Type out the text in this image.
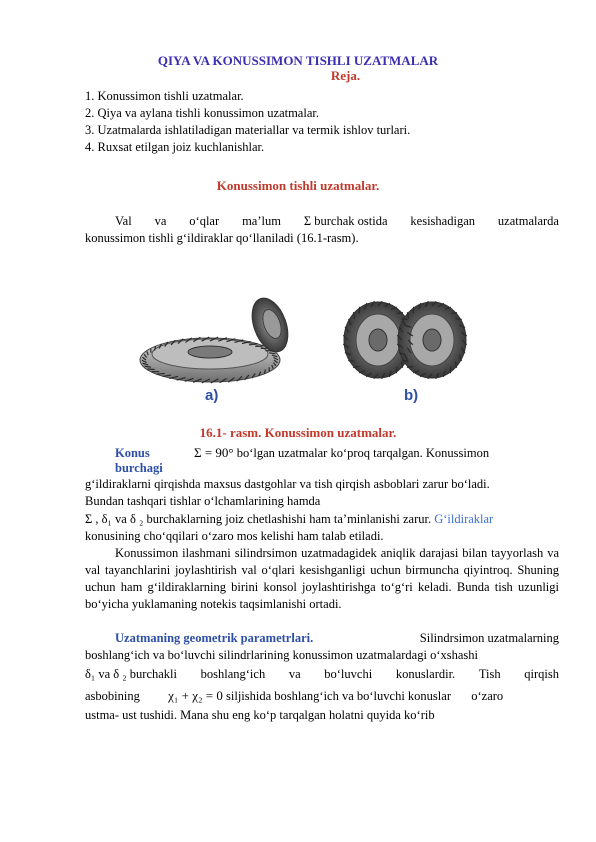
QIYA VA KONUSSIMON TISHLI UZATMALAR
Reja.
1. Konussimon tishli uzatmalar.
2. Qiya va aylana tishli konussimon uzatmalar.
3. Uzatmalarda ishlatiladigan materiallar va termik ishlov turlari.
4. Ruxsat etilgan joiz kuchlanishlar.
Konussimon tishli uzatmalar.
Val va o‘qlar ma’lum Σ burchak ostida kesishadigan uzatmalarda
konussimon tishli g‘ildiraklar qo‘llaniladi (16.1-rasm).
a)	b)
16.1- rasm. Konussimon uzatmalar.
Konus	Σ = 90° bo‘lgan uzatmalar ko‘proq tarqalgan. Konussimon
burchagi
g‘ildiraklarni qirqishda maxsus dastgohlar va tish qirqish asboblari zarur bo‘ladi.
Bundan tashqari tishlar o‘lchamlarining hamda
Σ , δ₁ va δ ₂ burchaklarning joiz chetlashishi ham ta’minlanishi zarur. G‘ildiraklar
konusining cho‘qqilari o‘zaro mos kelishi ham talab etiladi.
Konussimon ilashmani silindrsimon uzatmadagidek aniqlik darajasi bilan tayyorlash va val tayanchlarini joylashtirish val o‘qlari kesishganligi uchun birmuncha qiyintroq. Shuning uchun ham g‘ildiraklarning birini konsol joylashtirishga to‘g‘ri keladi. Bunda tish uzunligi bo‘yicha yuklamaning notekis taqsimlanishi ortadi.
Uzatmaning geometrik parametrlari.	Silindrsimon uzatmalarning
boshlang‘ich va bo‘luvchi silindrlarining konussimon uzatmalardagi o‘xshashi
δ₁ va δ ₂ burchakli boshlang‘ich va bo‘luvchi konuslardir. Tish qirqish
asbobining χ₁ + χ₂ = 0 siljishida boshlang‘ich va bo‘luvchi konuslar o‘zaro
ustma- ust tushidi. Mana shu eng ko‘p tarqalgan holatni quyida ko‘rib
